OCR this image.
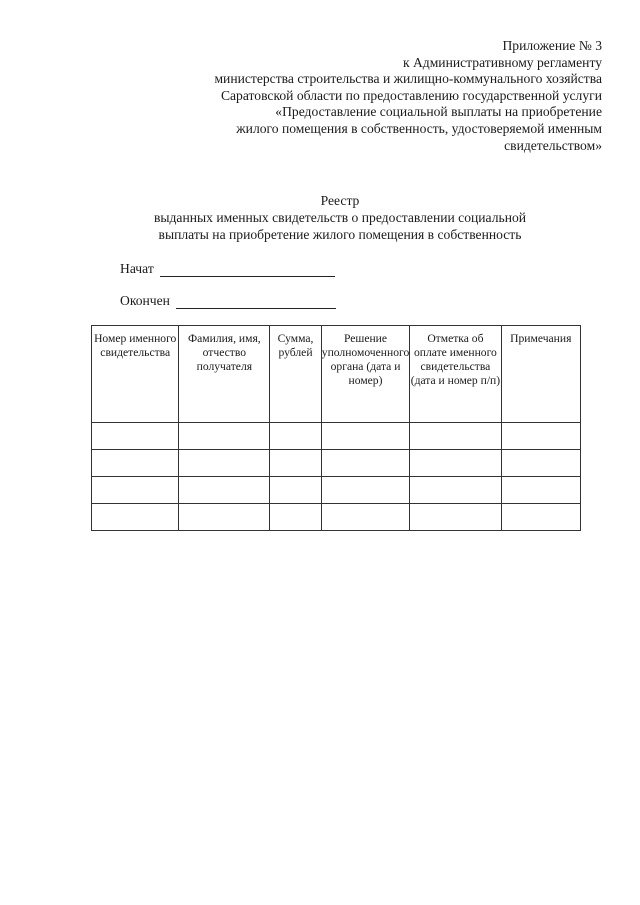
Приложение № 3
к Административному регламенту
министерства строительства и жилищно-коммунального хозяйства
Саратовской области по предоставлению государственной услуги
«Предоставление социальной выплаты на приобретение
жилого помещения в собственность, удостоверяемой именным
свидетельством»
Реестр
выданных именных свидетельств о предоставлении социальной
выплаты на приобретение жилого помещения в собственность
Начат
Окончен
Номер именного свидетельства	Фамилия, имя, отчество получателя	Сумма, рублей	Решение уполномоченного органа (дата и номер)	Отметка об оплате именного свидетельства (дата и номер п/п)	Примечания
